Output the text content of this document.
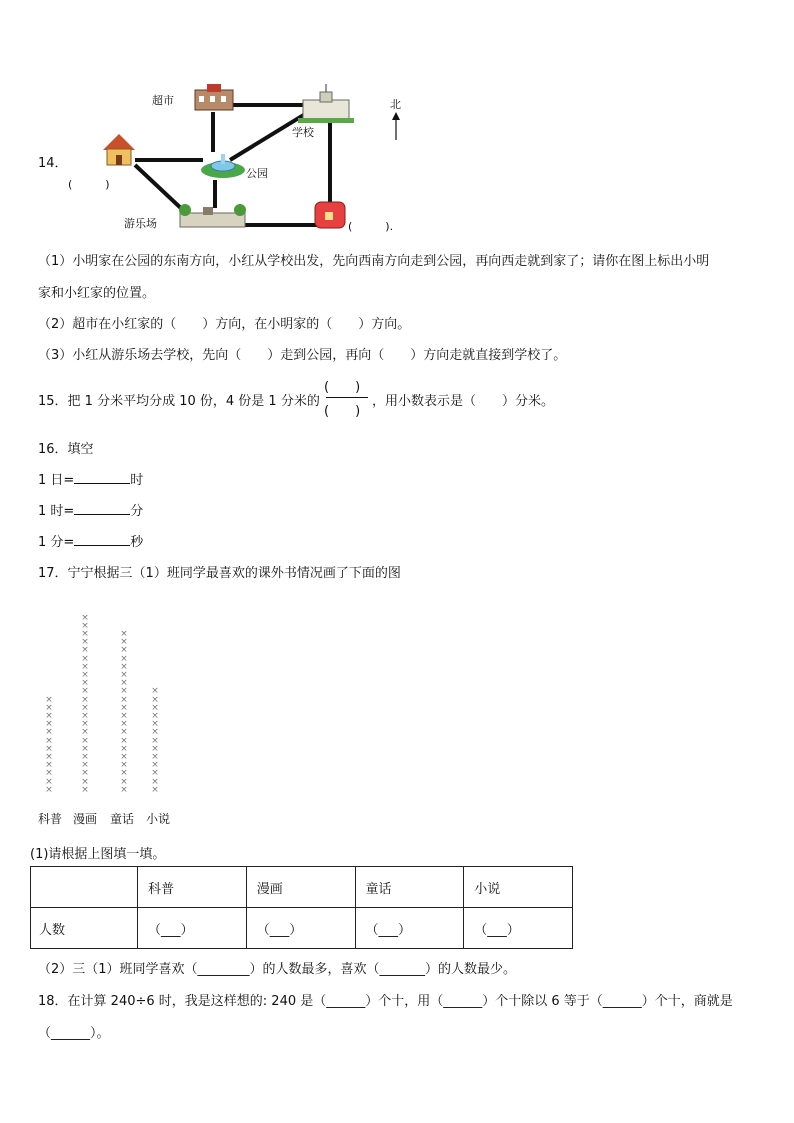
14．
超市
学校
公园
游乐场
北
(　　　)
(　　　).
（1）小明家在公园的东南方向，小红从学校出发，先向西南方向走到公园，再向西走就到家了；请你在图上标出小明
家和小红家的位置。
（2）超市在小红家的（　　）方向，在小明家的（　　）方向。
（3）小红从游乐场去学校，先向（　　）走到公园，再向（　　）方向走就直接到学校了。
15．把 1 分米平均分成 10 份，4 份是 1 分米的
(　　)
(　　)
，用小数表示是（　　）分米。
16．填空
1 日=	时
1 时=	分
1 分=	秒
17．宁宁根据三（1）班同学最喜欢的课外书情况画了下面的图
×
×
×
×
×
×
×
×
×
×
×
×
×
×
×
×
×
×
×
×
×
×
×
×
×
×
×
×
×
×
×
×
×
×
×
×
×
×
×
×
×
×
×
×
×
×
×
×
×
×
×
×
×
×
×
×
×
×
×
×
×
×
×
×
×
×
×
科普 漫画 童话 小说
(1)请根据上图填一填。
	科普	漫画	童话	小说
人数	（___）	（___）	（___）	（___）
（2）三（1）班同学喜欢（________）的人数最多，喜欢（_______）的人数最少。
18．在计算 240÷6 时，我是这样想的: 240 是（______）个十，用（______）个十除以 6 等于（______）个十，商就是
（______）。
